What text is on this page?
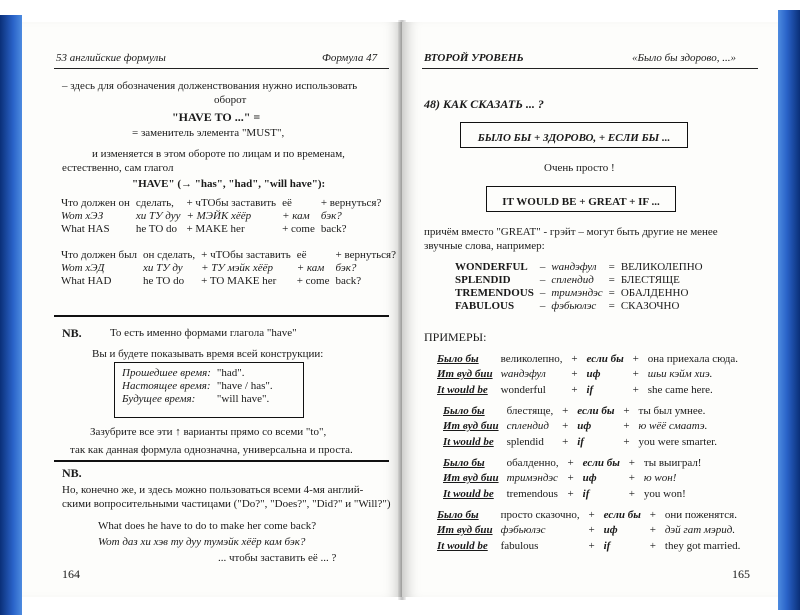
53 английские формулы	Формула 47
– здесь для обозначения долженствования нужно использовать
оборот
"HAVE TO ..." =
= заменитель элемента "MUST",
и изменяется в этом обороте по лицам и по временам,
естественно, сам глагол
"HAVE" (→ "has", "had", "will have"):
Что должен он	сделать,	+ чТОбы заставить	её	+ вернуться?
Wom хЭЗ	хи ТУ дуу	+ МЭЙК хёёр	+ кам	бэк?
What HAS	he TO do	+ MAKE her	+ come	back?
Что должен был	он сделать,	+ чТОбы заставить	её	+ вернуться?
Wom хЭД	хи ТУ ду	+ ТУ мэйк хёёр	+ кам	бэк?
What HAD	he TO do	+ TO MAKE her	+ come	back?
NB.	То есть именно формами глагола "have"
Вы и будете показывать время всей конструкции:
Прошедшее время:	"had".
Настоящее время:	"have / has".
Будущее время:	"will have".
Зазубрите все эти ↑ варианты прямо со всеми "to",
так как данная формула однозначна, универсальна и проста.
NB.
Но, конечно же, и здесь можно пользоваться всеми 4-мя англий-
скими вопросительными частицами ("Do?", "Does?", "Did?" и "Will?")
What does he have to do to make her come back?
Wom даз хи хэв ту дуу тумэйк хёёр кам бэк?
... чтобы заставить её ... ?
164
ВТОРОЙ УРОВЕНЬ	«Было бы здорово, ...»
48) КАК СКАЗАТЬ ... ?
БЫЛО БЫ + ЗДОРОВО, + ЕСЛИ БЫ ...
Очень просто !
IT WOULD BE + GREAT + IF ...
причём вместо "GREAT" - грэйт – могут быть другие не менее
звучные слова, например:
WONDERFUL	–	wандэфул	=	ВЕЛИКОЛЕПНО
SPLENDID	–	сплендид	=	БЛЕСТЯЩЕ
TREMENDOUS	–	тримэндэс	=	ОБАЛДЕННО
FABULOUS	–	фэбьюлэс	=	СКАЗОЧНО
ПРИМЕРЫ:
Было бы	великолепно,	+	если бы	+	она приехала сюда.
Ит вуд бии	wандэфул	+	иф	+	шьи кэйм хиэ.
It would be	wonderful	+	if	+	she came here.
Было бы	блестяще,	+	если бы	+	ты был умнее.
Ит вуд бии	сплендид	+	иф	+	ю wёё смаатэ.
It would be	splendid	+	if	+	you were smarter.
Было бы	обалденно,	+	если бы	+	ты выиграл!
Ит вуд бии	тримэндэс	+	иф	+	ю wон!
It would be	tremendous	+	if	+	you won!
Было бы	просто сказочно,	+	если бы	+	они поженятся.
Ит вуд бии	фэбьюлэс	+	иф	+	дэй гат мэрид.
It would be	fabulous	+	if	+	they got married.
165
